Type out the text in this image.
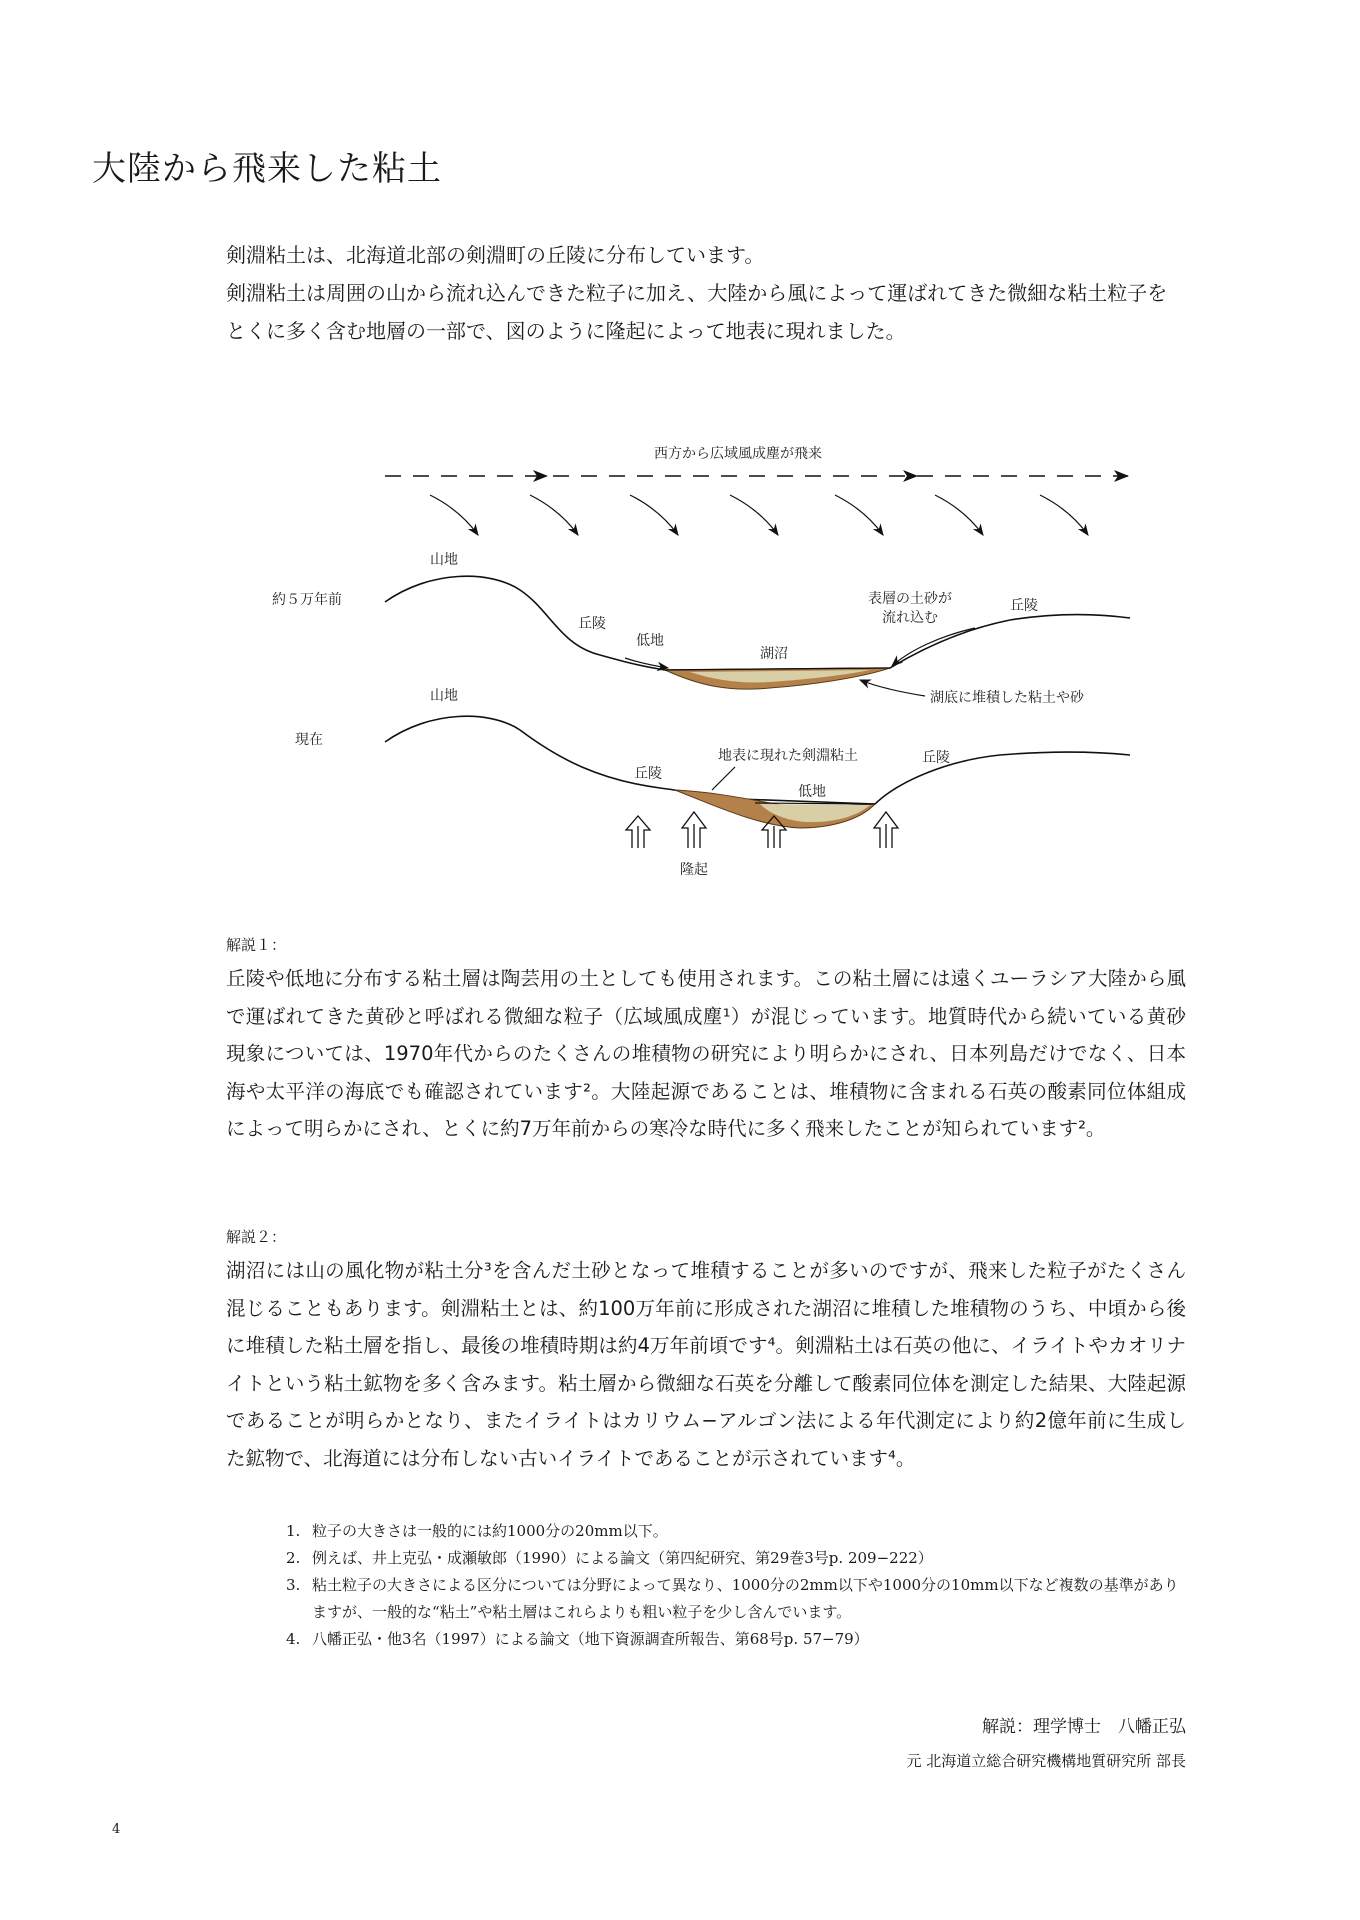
大陸から飛来した粘土

剣淵粘土は、北海道北部の剣淵町の丘陵に分布しています。

剣淵粘土は周囲の山から流れ込んできた粒子に加え、大陸から風によって運ばれてきた微細な粘土粒子をとくに多く含む地層の一部で、図のように隆起によって地表に現れました。

西方から広域風成塵が飛来
約５万年前
山地
丘陵
低地
湖沼
表層の土砂が
流れ込む
丘陵
湖底に堆積した粘土や砂
現在
山地
丘陵
地表に現れた剣淵粘土
低地
丘陵
隆起
解説１：
丘陵や低地に分布する粘土層は陶芸用の土としても使用されます。この粘土層には遠くユーラシア大陸から風で運ばれてきた黄砂と呼ばれる微細な粒子（広域風成塵¹）が混じっています。地質時代から続いている黄砂現象については、1970年代からのたくさんの堆積物の研究により明らかにされ、日本列島だけでなく、日本海や太平洋の海底でも確認されています²。大陸起源であることは、堆積物に含まれる石英の酸素同位体組成によって明らかにされ、とくに約7万年前からの寒冷な時代に多く飛来したことが知られています²。
解説２：
湖沼には山の風化物が粘土分³を含んだ土砂となって堆積することが多いのですが、飛来した粒子がたくさん混じることもあります。剣淵粘土とは、約100万年前に形成された湖沼に堆積した堆積物のうち、中頃から後に堆積した粘土層を指し、最後の堆積時期は約4万年前頃です⁴。剣淵粘土は石英の他に、イライトやカオリナイトという粘土鉱物を多く含みます。粘土層から微細な石英を分離して酸素同位体を測定した結果、大陸起源であることが明らかとなり、またイライトはカリウム−アルゴン法による年代測定により約2億年前に生成した鉱物で、北海道には分布しない古いイライトであることが示されています⁴。
1. 粒子の大きさは一般的には約1000分の20mm以下。
2. 例えば、井上克弘・成瀬敏郎（1990）による論文（第四紀研究、第29巻3号p. 209−222）
3. 粘土粒子の大きさによる区分については分野によって異なり、1000分の2mm以下や1000分の10mm以下など複数の基準がありますが、一般的な“粘土”や粘土層はこれらよりも粗い粒子を少し含んでいます。
4. 八幡正弘・他3名（1997）による論文（地下資源調査所報告、第68号p. 57−79）
解説：理学博士　八幡正弘
元 北海道立総合研究機構地質研究所 部長
4
